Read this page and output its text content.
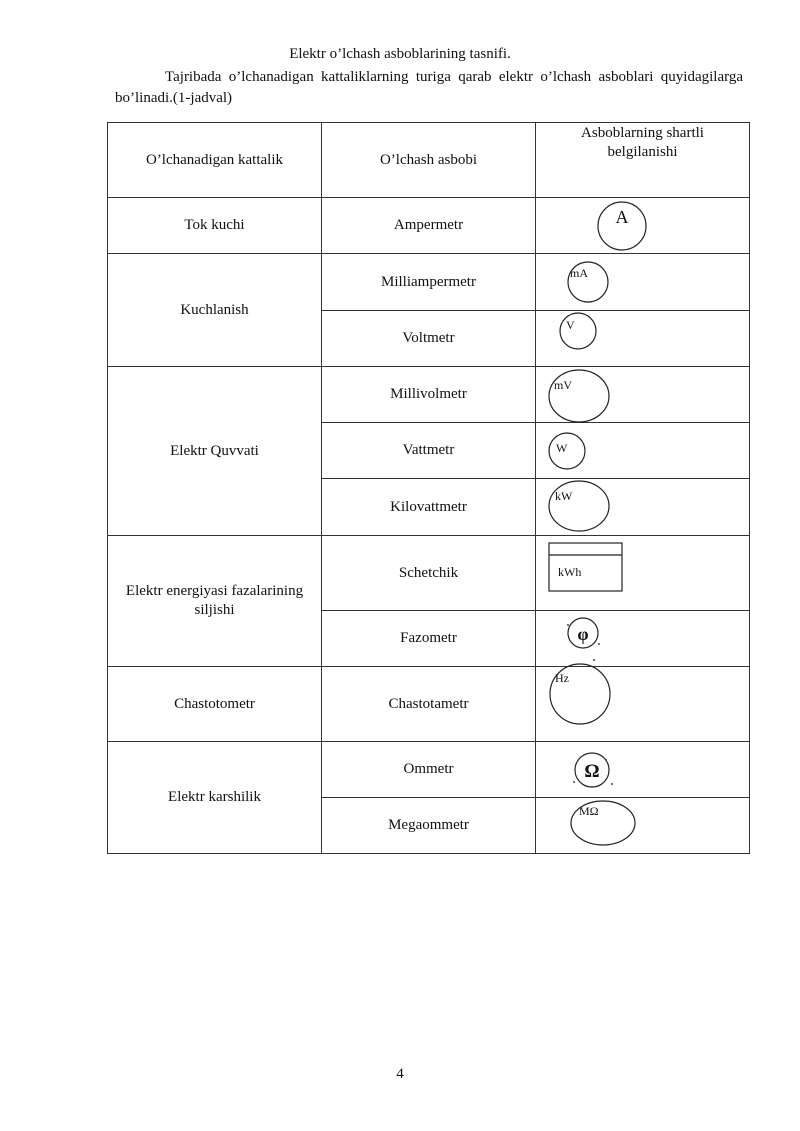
Elektr o’lchash asboblarining tasnifi.
Tajribada o’lchanadigan kattaliklarning turiga qarab elektr o’lchash asboblari quyidagilarga bo’linadi.(1-jadval)
O’lchanadigan kattalik	O’lchash asbobi
Asboblarning shartli belgilanishi
Tok kuchi
Kuchlanish
Elektr Quvvati
Elektr energiyasi fazalarining siljishi
Chastotometr
Elektr karshilik
Ampermetr
Milliampermetr
Voltmetr
Millivolmetr
Vattmetr
Kilovattmetr
Schetchik
Fazometr
Chastotametr
Ommetr
Megaommetr
A
mA
V
mV
W
kW
kWh
φ
Hz
Ω
MΩ
4
